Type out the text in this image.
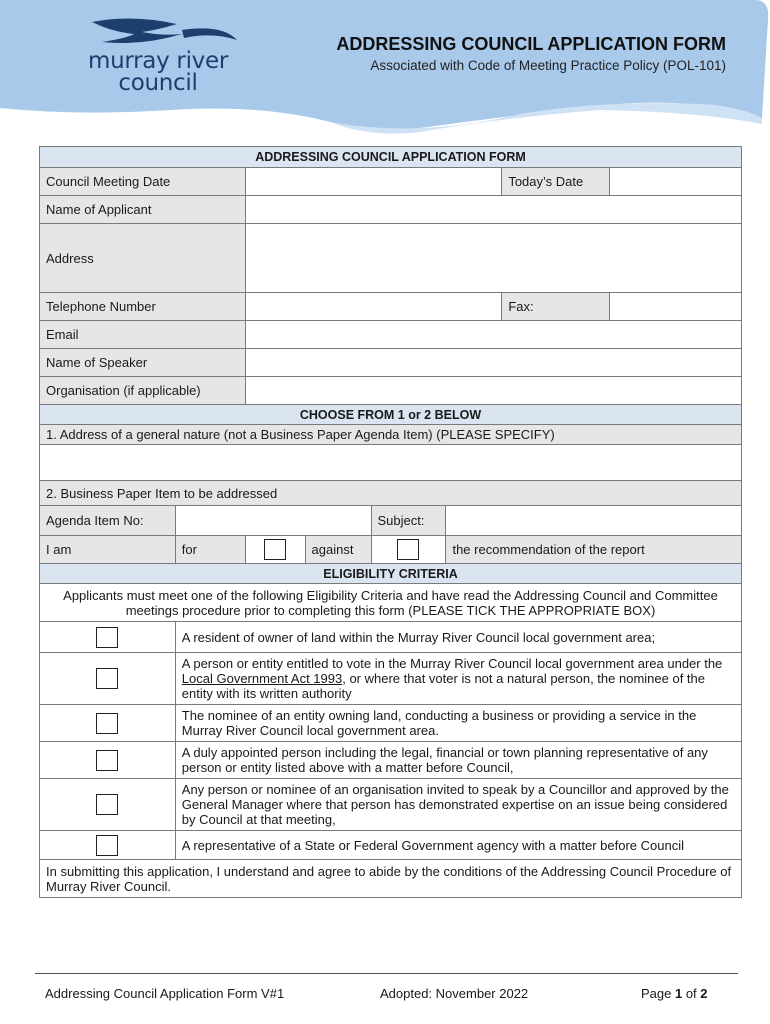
murray river
council
ADDRESSING COUNCIL APPLICATION FORM
Associated with Code of Meeting Practice Policy (POL-101)
ADDRESSING COUNCIL APPLICATION FORM							
Council Meeting Date						Today’s Date	
Name of Applicant							
Address							
Telephone Number						Fax:	
Email							
Name of Speaker							
Organisation (if applicable)							
CHOOSE FROM 1 or 2 BELOW							
1. Address of a general nature (not a Business Paper Agenda Item) (PLEASE SPECIFY)							

2. Business Paper Item to be addressed							
Agenda Item No:				Subject:			
I am	for		against		the recommendation of the report		
ELIGIBILITY CRITERIA							
Applicants must meet one of the following Eligibility Criteria and have read the Addressing Council and Committee meetings procedure prior to completing this form (PLEASE TICK THE APPROPRIATE BOX)							
	A resident of owner of land within the Murray River Council local government area;						
	A person or entity entitled to vote in the Murray River Council local government area under the Local Government Act 1993, or where that voter is not a natural person, the nominee of the entity with its written authority						
	The nominee of an entity owning land, conducting a business or providing a service in the Murray River Council local government area.						
	A duly appointed person including the legal, financial or town planning representative of any person or entity listed above with a matter before Council,						
	Any person or nominee of an organisation invited to speak by a Councillor and approved by the General Manager where that person has demonstrated expertise on an issue being considered by Council at that meeting,						
	A representative of a State or Federal Government agency with a matter before Council						
In submitting this application, I understand and agree to abide by the conditions of the Addressing Council Procedure of Murray River Council.							
Addressing Council Application Form V#1	Adopted: November 2022	Page 1 of 2
